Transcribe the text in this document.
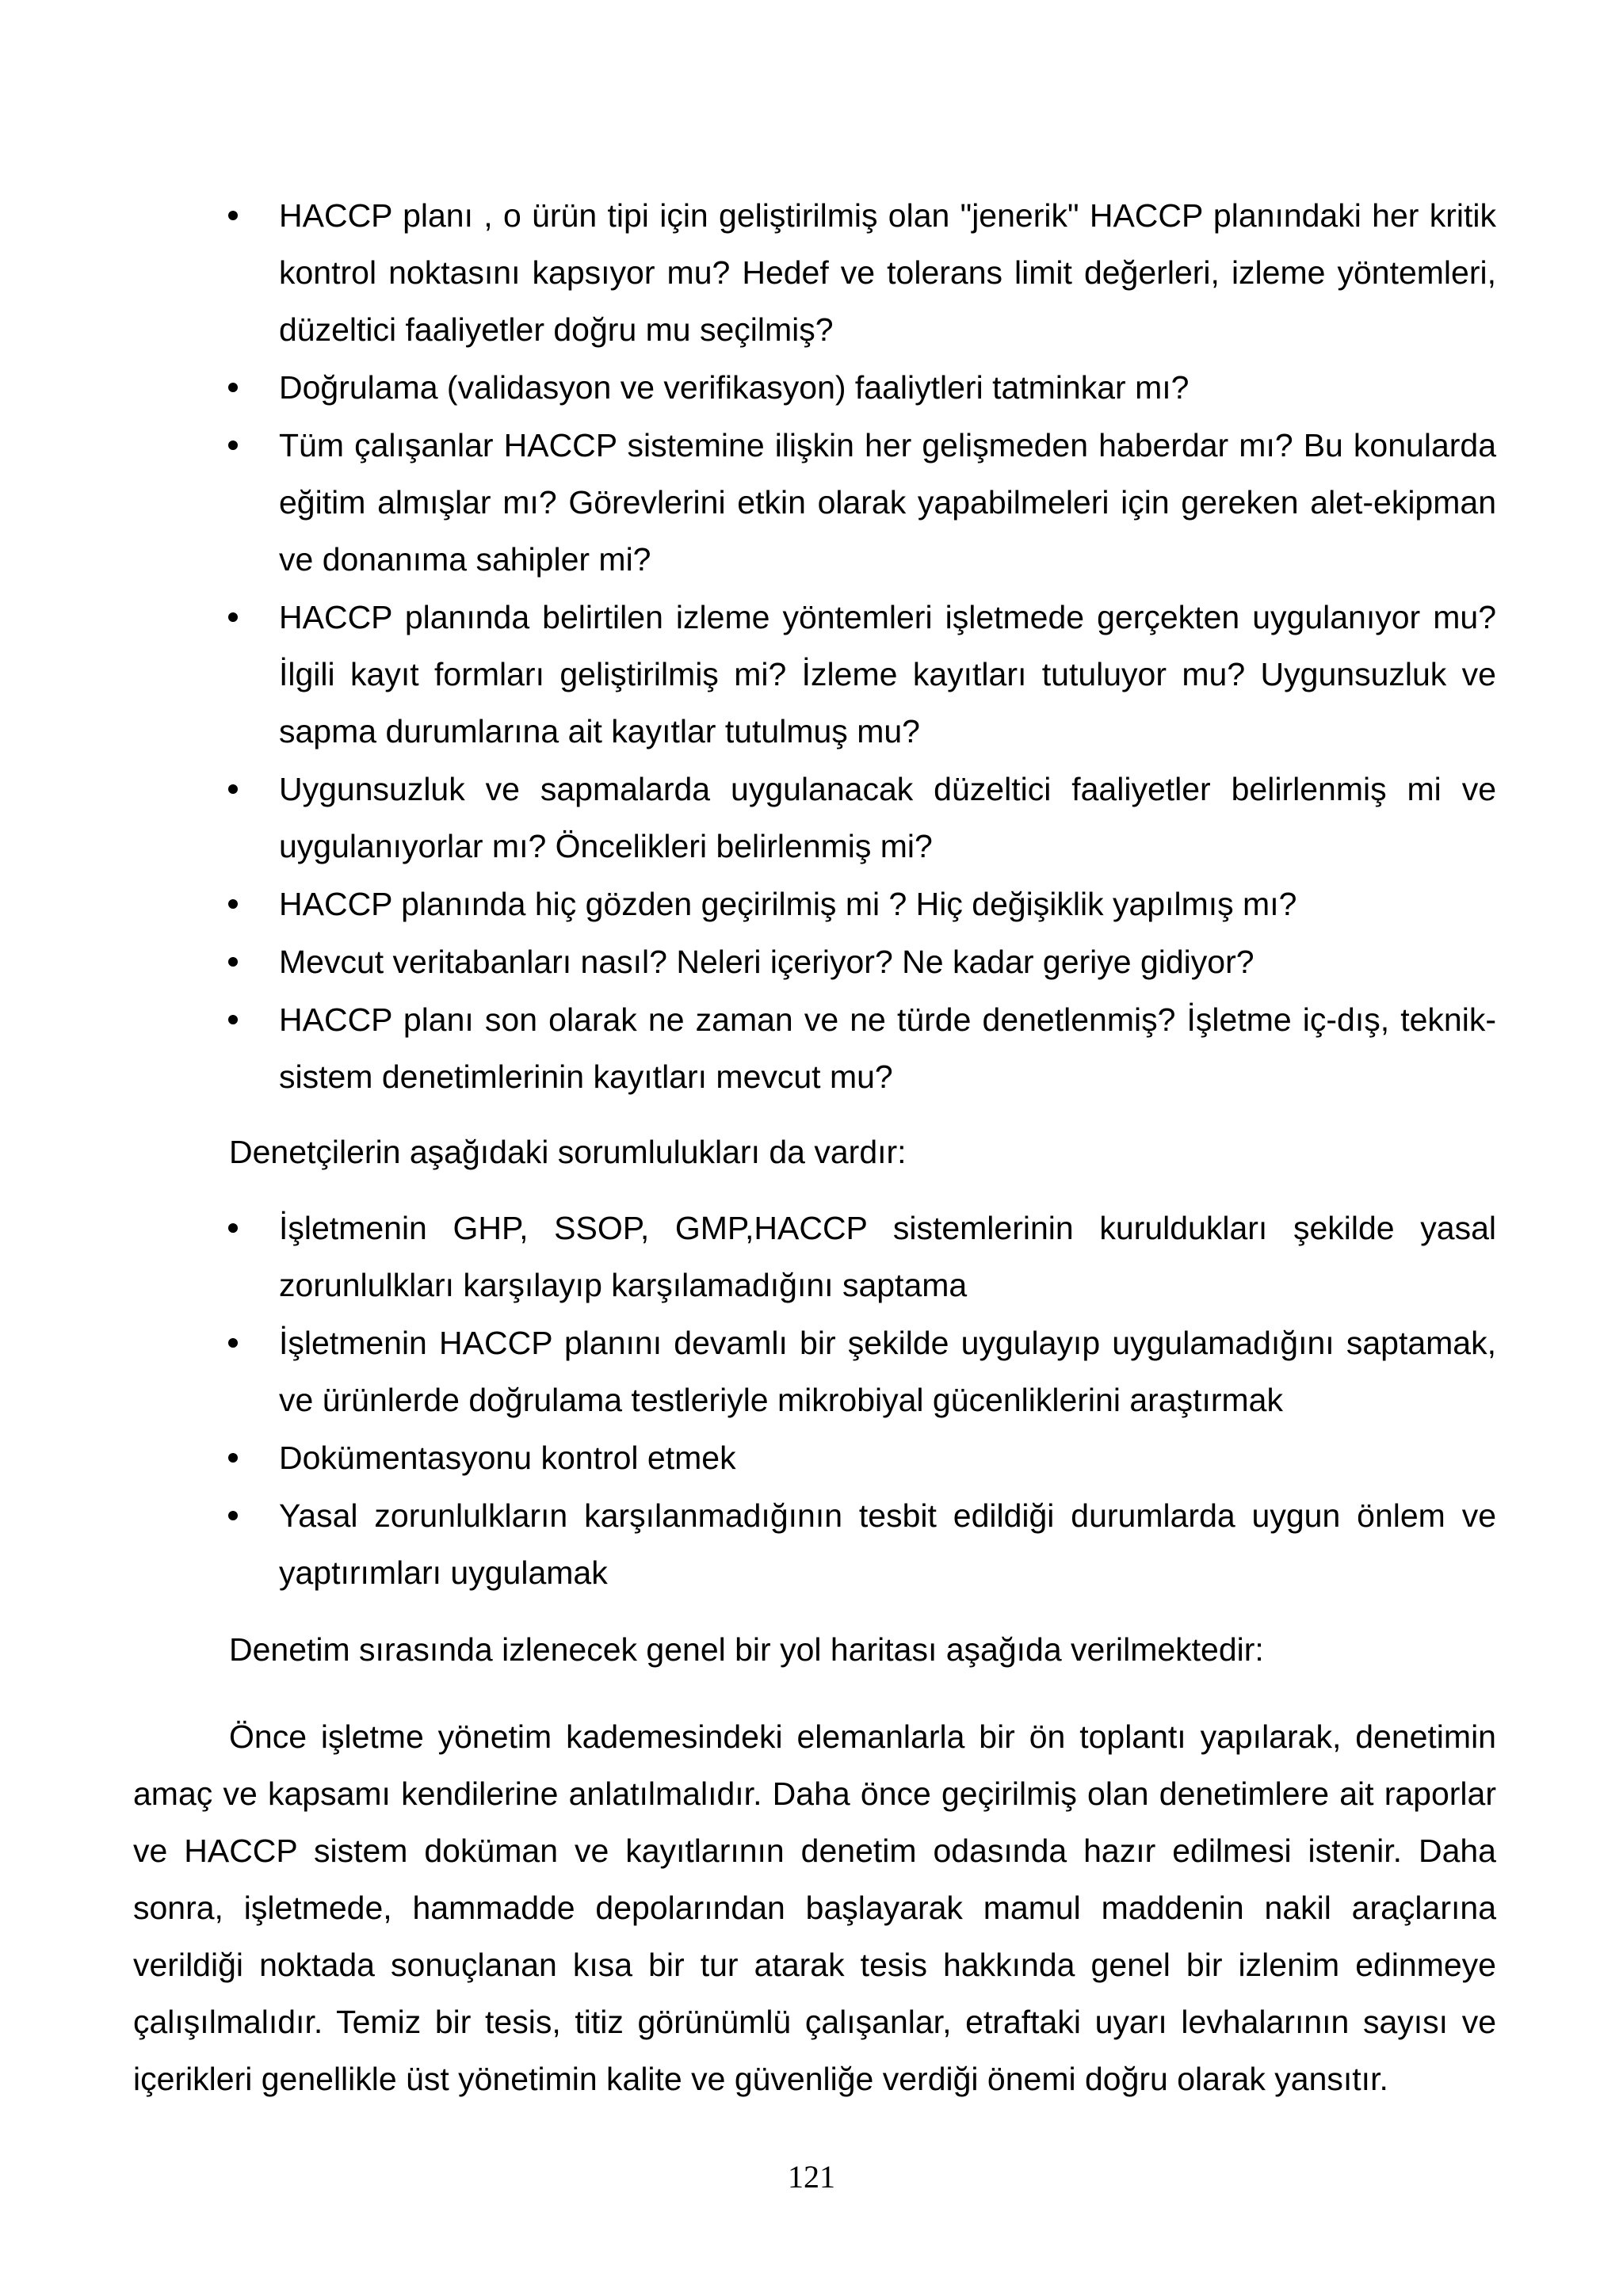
HACCP planı , o ürün tipi için geliştirilmiş olan "jenerik" HACCP planındaki her kritik kontrol noktasını kapsıyor mu? Hedef ve tolerans limit değerleri, izleme yöntemleri, düzeltici faaliyetler doğru mu seçilmiş?
Doğrulama (validasyon ve verifikasyon) faaliytleri tatminkar mı?
Tüm çalışanlar HACCP sistemine ilişkin her gelişmeden haberdar mı? Bu konularda eğitim almışlar mı? Görevlerini etkin olarak yapabilmeleri için gereken alet-ekipman ve donanıma sahipler mi?
HACCP planında belirtilen izleme yöntemleri işletmede gerçekten uygulanıyor mu? İlgili kayıt formları geliştirilmiş mi? İzleme kayıtları tutuluyor mu? Uygunsuzluk ve sapma durumlarına ait kayıtlar tutulmuş mu?
Uygunsuzluk ve sapmalarda uygulanacak düzeltici faaliyetler belirlenmiş mi ve uygulanıyorlar mı? Öncelikleri belirlenmiş mi?
HACCP planında hiç gözden geçirilmiş mi ? Hiç değişiklik yapılmış mı?
Mevcut veritabanları nasıl? Neleri içeriyor? Ne kadar geriye gidiyor?
HACCP planı son olarak ne zaman ve ne türde denetlenmiş? İşletme iç-dış, teknik-sistem denetimlerinin kayıtları mevcut mu?

Denetçilerin aşağıdaki sorumlulukları da vardır:

İşletmenin GHP, SSOP, GMP,HACCP sistemlerinin kuruldukları şekilde yasal zorunlulkları karşılayıp karşılamadığını saptama
İşletmenin HACCP planını devamlı bir şekilde uygulayıp uygulamadığını saptamak, ve ürünlerde doğrulama testleriyle mikrobiyal gücenliklerini araştırmak
Dokümentasyonu kontrol etmek
Yasal zorunlulkların karşılanmadığının tesbit edildiği durumlarda uygun önlem ve yaptırımları uygulamak

Denetim sırasında izlenecek genel bir yol haritası aşağıda verilmektedir:

Önce işletme yönetim kademesindeki elemanlarla bir ön toplantı yapılarak, denetimin amaç ve kapsamı kendilerine anlatılmalıdır. Daha önce geçirilmiş olan denetimlere ait raporlar ve HACCP sistem doküman ve kayıtlarının denetim odasında hazır edilmesi istenir. Daha sonra, işletmede, hammadde depolarından başlayarak mamul maddenin nakil araçlarına verildiği noktada sonuçlanan kısa bir tur atarak tesis hakkında genel bir izlenim edinmeye çalışılmalıdır. Temiz bir tesis, titiz görünümlü çalışanlar, etraftaki uyarı levhalarının sayısı ve içerikleri genellikle üst yönetimin kalite ve güvenliğe verdiği önemi doğru olarak yansıtır.

121
